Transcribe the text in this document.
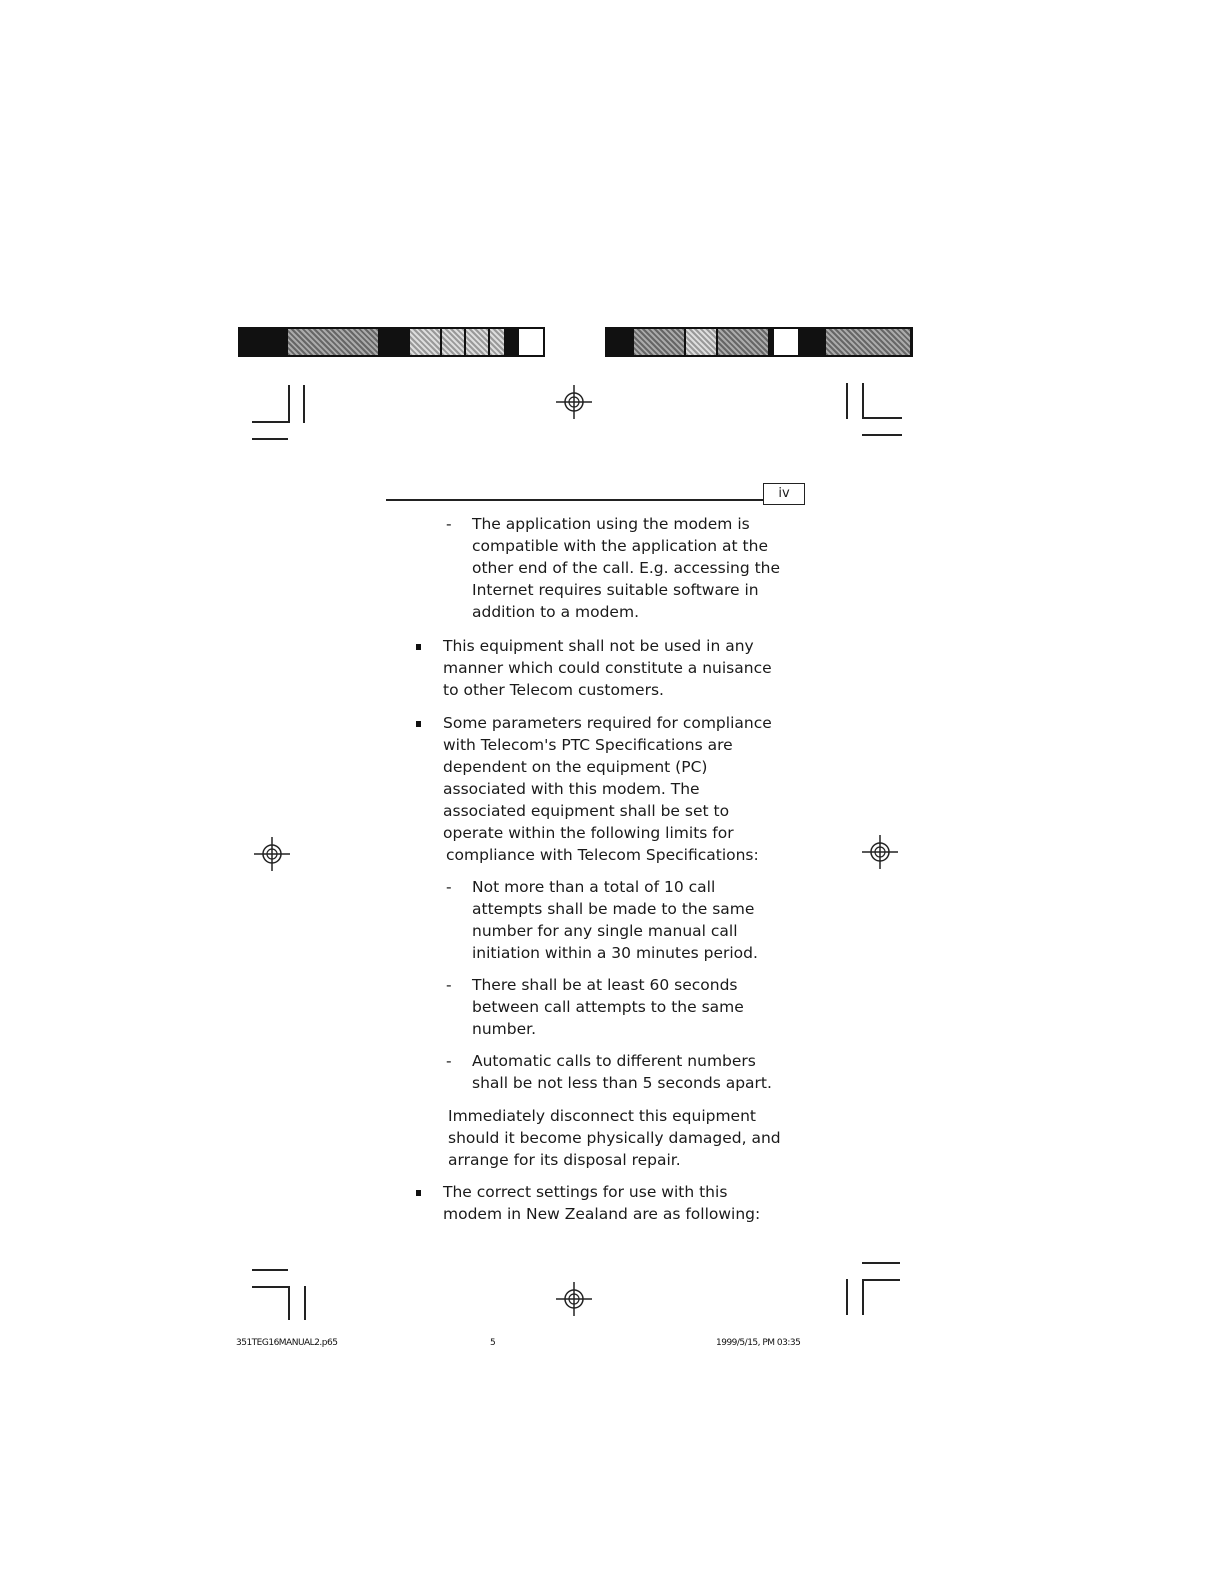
iv
- The application using the modem is
compatible with the application at the
other end of the call. E.g. accessing the
Internet requires suitable software in
addition to a modem.
This equipment shall not be used in any
manner which could constitute a nuisance
to other Telecom customers.
Some parameters required for compliance
with Telecom's PTC Specifications are
dependent on the equipment (PC)
associated with this modem. The
associated equipment shall be set to
operate within the following limits for
compliance with Telecom Specifications:
- Not more than a total of 10 call
attempts shall be made to the same
number for any single manual call
initiation within a 30 minutes period.
- There shall be at least 60 seconds
between call attempts to the same
number.
- Automatic calls to different numbers
shall be not less than 5 seconds apart.
Immediately disconnect this equipment
should it become physically damaged, and
arrange for its disposal repair.
The correct settings for use with this
modem in New Zealand are as following:
351TEG16MANUAL2.p65	5	1999/5/15, PM 03:35
